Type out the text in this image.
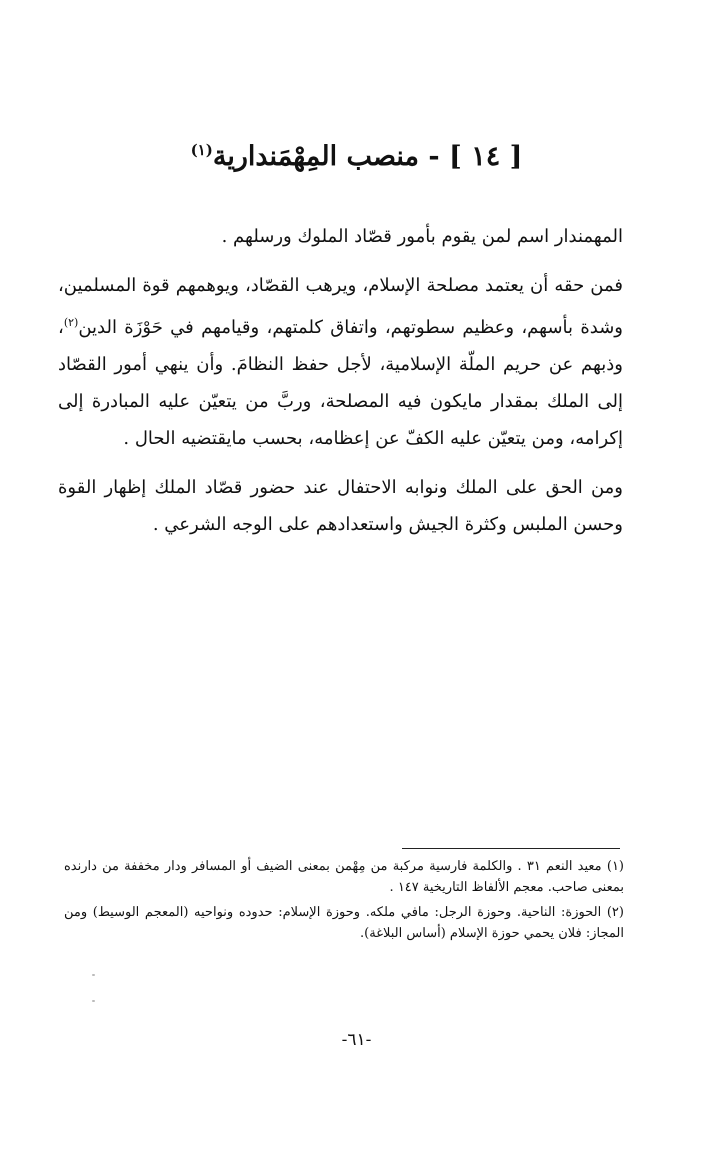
[ ١٤ ] - منصب المِهْمَندارية$^{(١)}$

المهمندار اسم لمن يقوم بأمور قصّاد الملوك ورسلهم .

فمن حقه أن يعتمد مصلحة الإسلام، ويرهب القصّاد، ويوهمهم قوة المسلمين، وشدة بأسهم، وعظيم سطوتهم، واتفاق كلمتهم، وقيامهم في حَوْزَة الدين$^{(٢)}$، وذبهم عن حريم الملّة الإسلامية، لأجل حفظ النظامَ. وأن ينهي أمور القصّاد إلى الملك بمقدار مايكون فيه المصلحة، وربَّ من يتعيّن عليه المبادرة إلى إكرامه، ومن يتعيّن عليه الكفّ عن إعظامه، بحسب مايقتضيه الحال .

ومن الحق على الملك ونوابه الاحتفال عند حضور قصّاد الملك إظهار القوة وحسن الملبس وكثرة الجيش واستعدادهم على الوجه الشرعي .

(١) معيد النعم ٣١ . والكلمة فارسية مركبة من مِهْمن بمعنى الضيف أو المسافر ودار مخففة من دارنده بمعنى صاحب. معجم الألفاظ التاريخية ١٤٧ .

(٢) الحوزة: الناحية. وحوزة الرجل: مافي ملكه. وحوزة الإسلام: حدوده ونواحيه (المعجم الوسيط) ومن المجاز: فلان يحمي حوزة الإسلام (أساس البلاغة).

-٦١-
